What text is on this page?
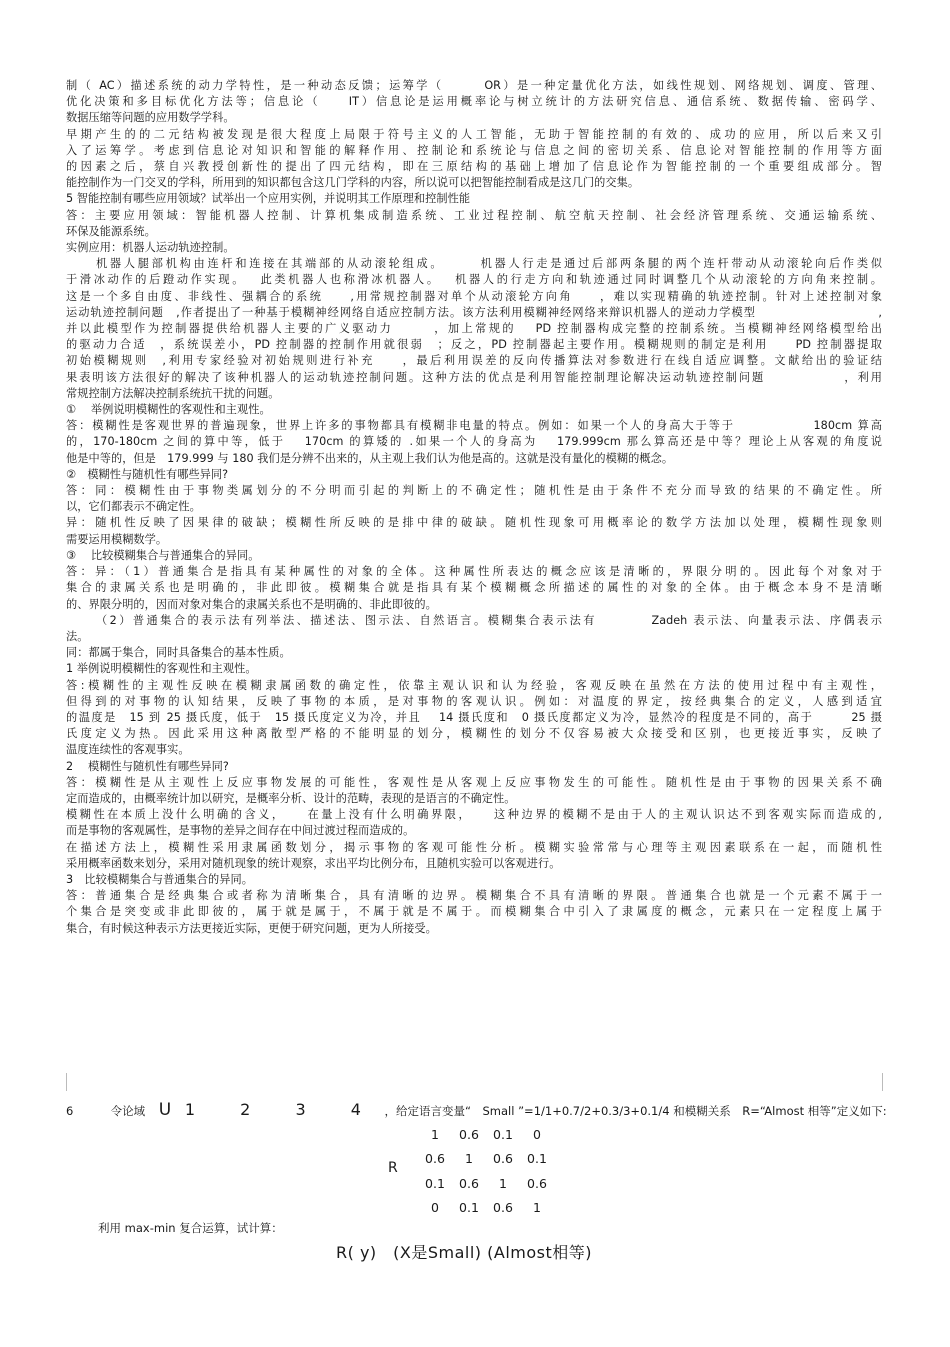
制（ AC）描述系统的动力学特性，是一种动态反馈；运筹学（　　　OR）是一种定量优化方法，如线性规划、网络规划、调度、管理、
优化决策和多目标优化方法等；信息论（　　IT）信息论是运用概率论与树立统计的方法研究信息、通信系统、数据传输、密码学、
数据压缩等问题的应用数学学科。
早期产生的的二元结构被发现是很大程度上局限于符号主义的人工智能，无助于智能控制的有效的、成功的应用，所以后来又引
入了运筹学。考虑到信息论对知识和智能的解释作用、控制论和系统论与信息之间的密切关系、信息论对智能控制的作用等方面
的因素之后，蔡自兴教授创新性的提出了四元结构，即在三原结构的基础上增加了信息论作为智能控制的一个重要组成部分。智
能控制作为一门交叉的学科，所用到的知识都包含这几门学科的内容，所以说可以把智能控制看成是这几门的交集。
5 智能控制有哪些应用领域？试举出一个应用实例，并说明其工作原理和控制性能
答：主要应用领域：智能机器人控制、计算机集成制造系统、工业过程控制、航空航天控制、社会经济管理系统、交通运输系统、
环保及能源系统。
实例应用：机器人运动轨迹控制。
机器人腿部机构由连杆和连接在其端部的从动滚轮组成。　　　机器人行走是通过后部两条腿的两个连杆带动从动滚轮向后作类似
于滑冰动作的后蹬动作实现。　 此类机器人也称滑冰机器人。　 机器人的行走方向和轨迹通过同时调整几个从动滚轮的方向角来控制。
这是一个多自由度、非线性、强耦合的系统　　,用常规控制器对单个从动滚轮方向角　　，难以实现精确的轨迹控制。针对上述控制对象
运动轨迹控制问题　,作者提出了一种基于模糊神经网络自适应控制方法。该方法利用模糊神经网络来辩识机器人的逆动力学模型　　　　　　　　　　,
并以此模型作为控制器提供给机器人主要的广义驱动力　　　，加上常规的　 PD 控制器构成完整的控制系统。当模糊神经网络模型给出
的驱动力合适　，系统误差小，PD 控制器的控制作用就很弱　；反之，PD 控制器起主要作用。模糊规则的制定是利用　　PD 控制器提取
初始模糊规则　,利用专家经验对初始规则进行补充　　，最后利用误差的反向传播算法对参数进行在线自适应调整。文献给出的验证结
果表明该方法很好的解决了该种机器人的运动轨迹控制问题。这种方法的优点是利用智能控制理论解决运动轨迹控制问题　　　　　　，利用
常规控制方法解决控制系统抗干扰的问题。
①　 举例说明模糊性的客观性和主观性。
答：模糊性是客观世界的普遍现象，世界上许多的事物都具有模糊非电量的特点。例如：如果一个人的身高大于等于　　　　　　180cm 算高
的，170-180cm 之间的算中等，低于　 170cm 的算矮的 .如果一个人的身高为　 179.999cm 那么算高还是中等？理论上从客观的角度说
他是中等的，但是　179.999 与 180 我们是分辨不出来的，从主观上我们认为他是高的。这就是没有量化的模糊的概念。
②　模糊性与随机性有哪些异同?
答：同：模糊性由于事物类属划分的不分明而引起的判断上的不确定性；随机性是由于条件不充分而导致的结果的不确定性。所
以，它们都表示不确定性。
异：随机性反映了因果律的破缺；模糊性所反映的是排中律的破缺。随机性现象可用概率论的数学方法加以处理，模糊性现象则
需要运用模糊数学。
③　 比较模糊集合与普通集合的异同。
答：异：（1）普通集合是指具有某种属性的对象的全体。这种属性所表达的概念应该是清晰的，界限分明的。因此每个对象对于
集合的隶属关系也是明确的，非此即彼。模糊集合就是指具有某个模糊概念所描述的属性的对象的全体。由于概念本身不是清晰
的、界限分明的，因而对象对集合的隶属关系也不是明确的、非此即彼的。
（2）普通集合的表示法有列举法、描述法、图示法、自然语言。模糊集合表示法有　　　　Zadeh 表示法、向量表示法、序偶表示
法。
同：都属于集合，同时具备集合的基本性质。
1 举例说明模糊性的客观性和主观性。
答:模糊性的主观性反映在模糊隶属函数的确定性，依靠主观认识和认为经验，客观反映在虽然在方法的使用过程中有主观性，
但得到的对事物的认知结果，反映了事物的本质，是对事物的客观认识。例如：对温度的界定，按经典集合的定义，人感到适宜
的温度是　15 到 25 摄氏度，低于　15 摄氏度定义为冷，并且　 14 摄氏度和　0 摄氏度都定义为冷，显然冷的程度是不同的，高于　　　25 摄
氏度定义为热。因此采用这种离散型严格的不能明显的划分，模糊性的划分不仅容易被大众接受和区别，也更接近事实，反映了
温度连续性的客观事实。
2　 模糊性与随机性有哪些异同?
答：模糊性是从主观性上反应事物发展的可能性，客观性是从客观上反应事物发生的可能性。随机性是由于事物的因果关系不确
定而造成的，由概率统计加以研究，是概率分析、设计的范畴，表现的是语言的不确定性。
模糊性在本质上没什么明确的含义，　　在量上没有什么明确界限，　　这种边界的模糊不是由于人的主观认识达不到客观实际而造成的,
而是事物的客观属性，是事物的差异之间存在中间过渡过程而造成的。
在描述方法上，模糊性采用隶属函数划分，揭示事物的客观可能性分析。模糊实验常常与心理等主观因素联系在一起，而随机性
采用概率函数来划分，采用对随机现象的统计观察，求出平均比例分布，且随机实验可以客观进行。
3　比较模糊集合与普通集合的异同。
答：普通集合是经典集合或者称为清晰集合，具有清晰的边界。模糊集合不具有清晰的界限。普通集合也就是一个元素不属于一
个集合是突变或非此即彼的，属于就是属于，不属于就是不属于。而模糊集合中引入了隶属度的概念，元素只在一定程度上属于
集合，有时候这种表示方法更接近实际，更便于研究问题，更为人所接受。
6	令论域 U 1 2 3 4 ，给定语言变量“　Small ”=1/1+0.7/2+0.3/3+0.1/4 和模糊关系　R=“Almost 相等”定义如下:
R
1	0.6	0.1	0
0.6	1	0.6	0.1
0.1	0.6	1	0.6
0	0.1	0.6	1
利用 max-min 复合运算，试计算：
R( y)　(X是Small) (Almost相等)
